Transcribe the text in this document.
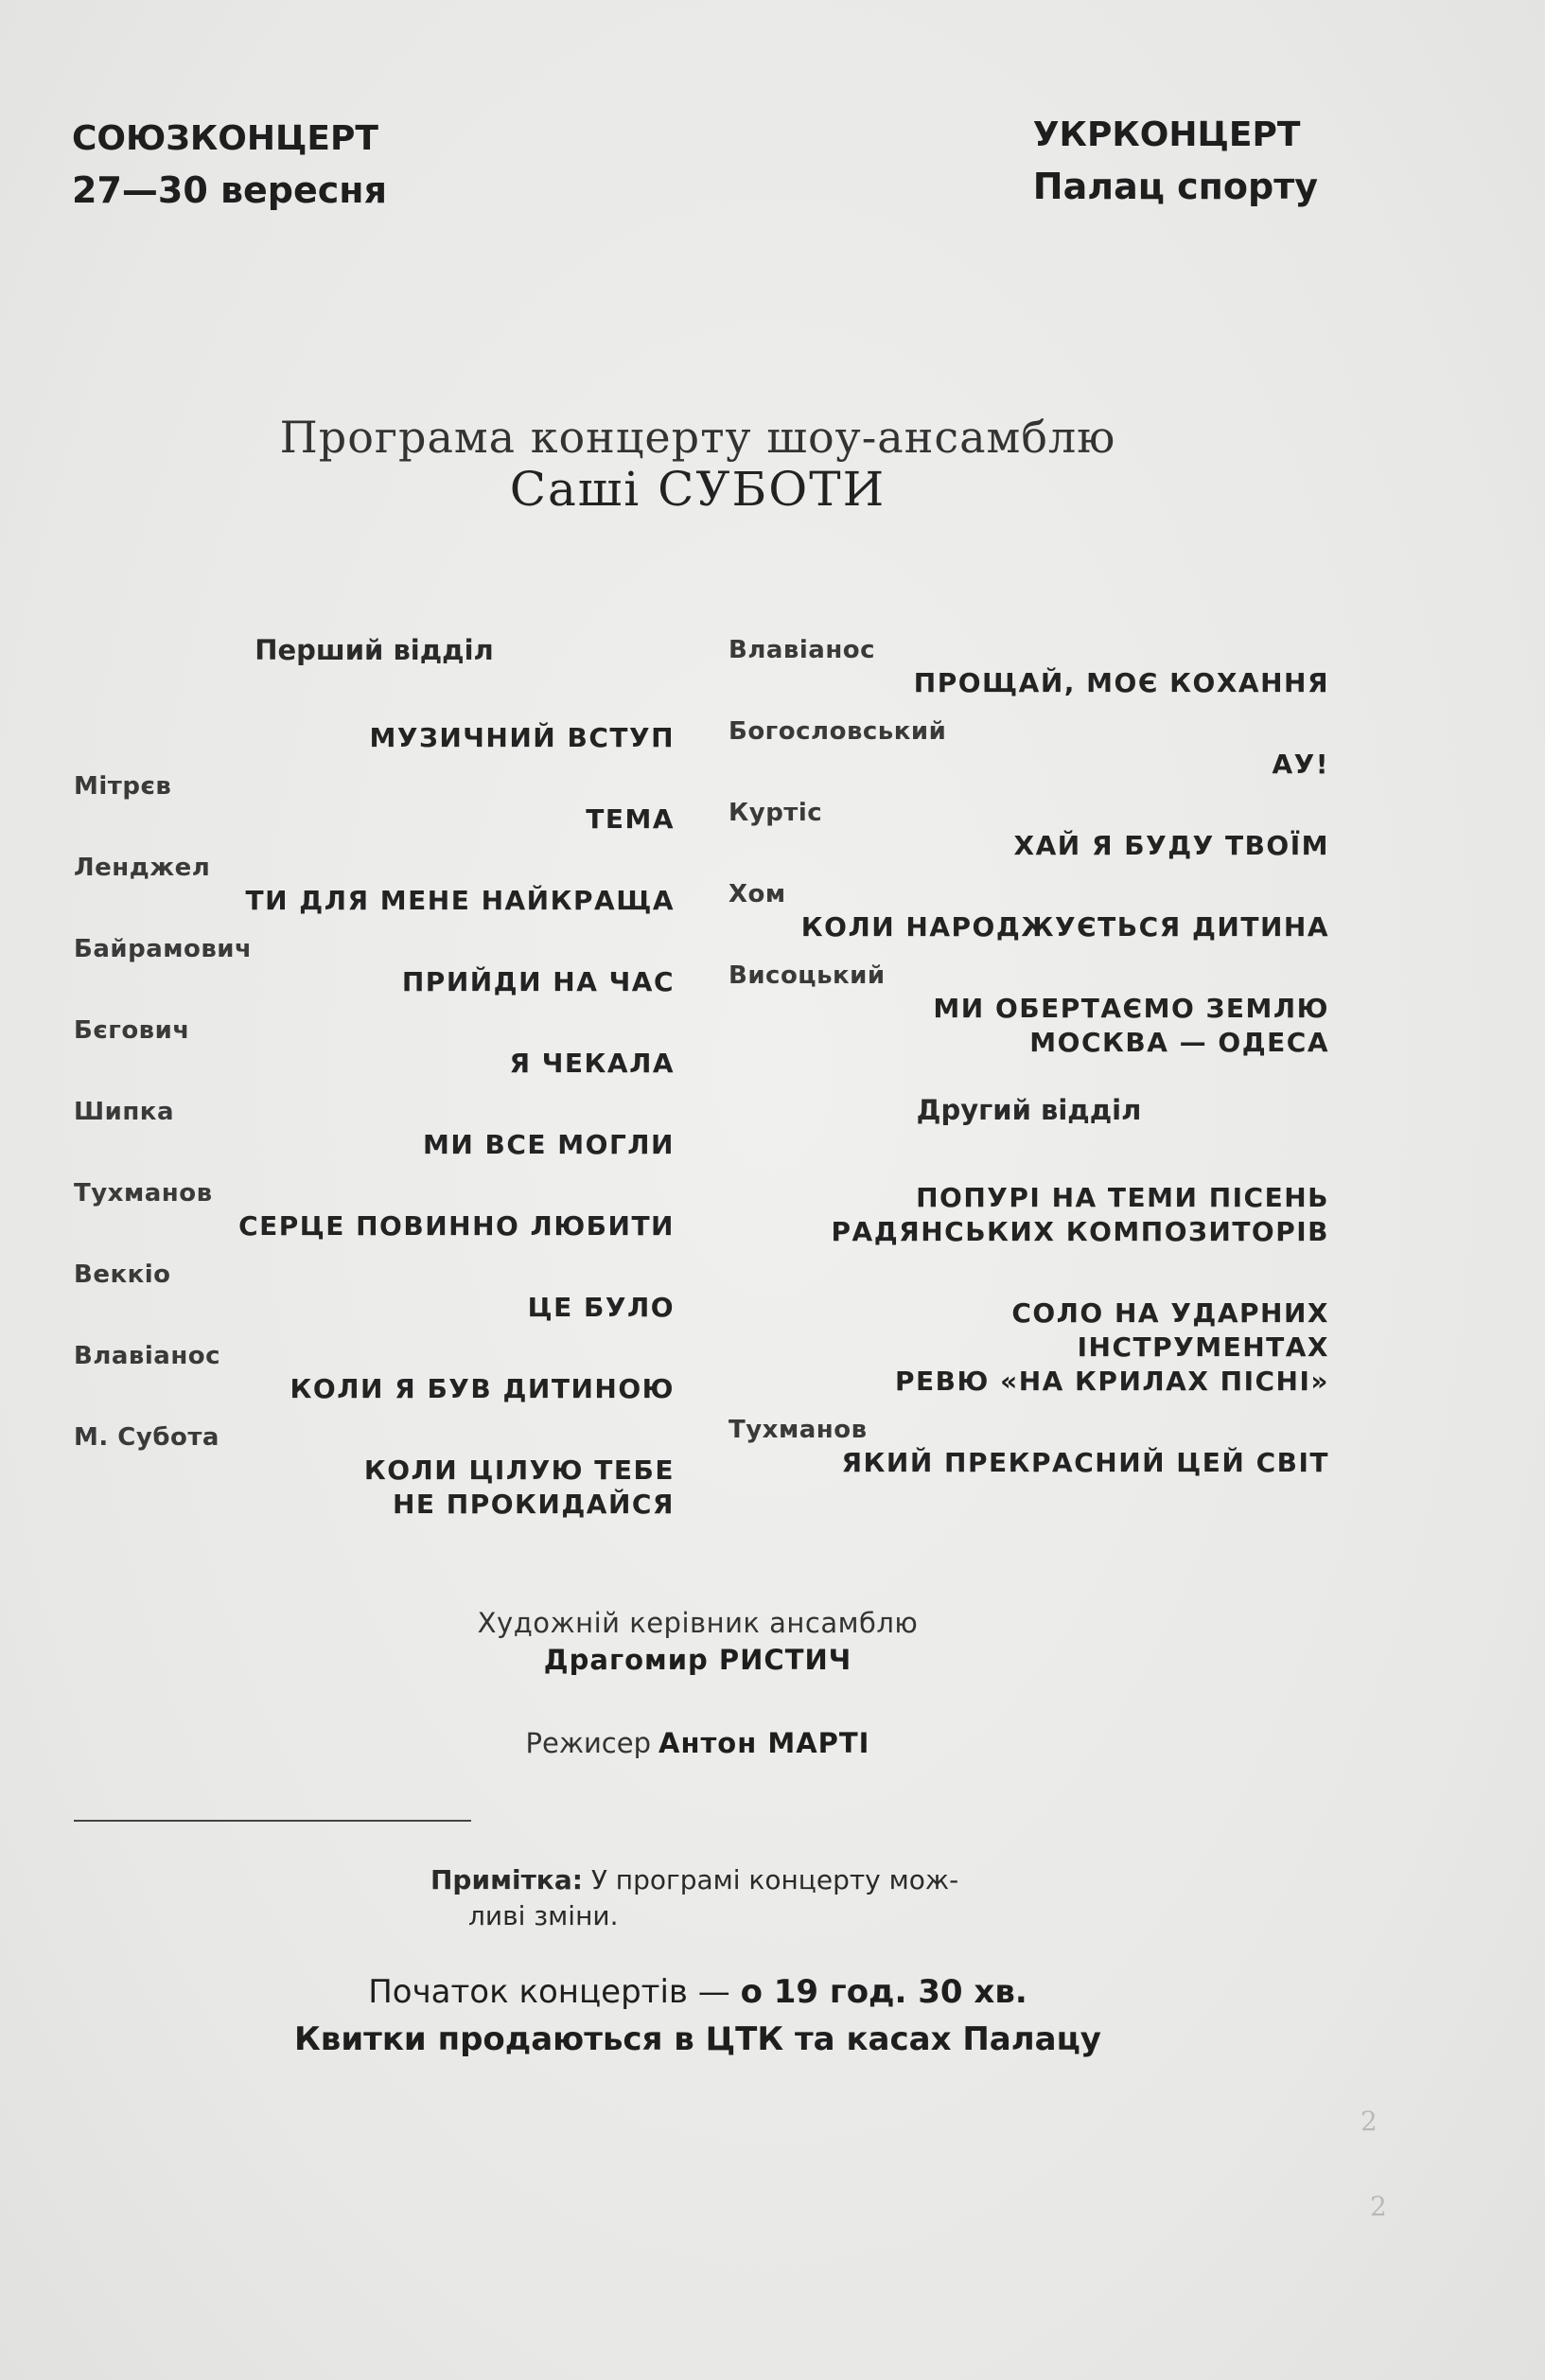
СОЮЗКОНЦЕРТ
27—30 вересня
УКРКОНЦЕРТ
Палац спорту
Програма концерту шоу-ансамблю
Саші СУБОТИ
Перший відділ
МУЗИЧНИЙ ВСТУП
Мітрєв
ТЕМА
Ленджел
ТИ ДЛЯ МЕНЕ НАЙКРАЩА
Байрамович
ПРИЙДИ НА ЧАС
Бєгович
Я ЧЕКАЛА
Шипка
МИ ВСЕ МОГЛИ
Тухманов
СЕРЦЕ ПОВИННО ЛЮБИТИ
Веккіо
ЦЕ БУЛО
Влавіанос
КОЛИ Я БУВ ДИТИНОЮ
М. Субота
КОЛИ ЦІЛУЮ ТЕБЕ
НЕ ПРОКИДАЙСЯ
Влавіанос
ПРОЩАЙ, МОЄ КОХАННЯ
Богословський
АУ!
Куртіс
ХАЙ Я БУДУ ТВОЇМ
Хом
КОЛИ НАРОДЖУЄТЬСЯ ДИТИНА
Висоцький
МИ ОБЕРТАЄМО ЗЕМЛЮ
МОСКВА — ОДЕСА
Другий відділ
ПОПУРІ НА ТЕМИ ПІСЕНЬ
РАДЯНСЬКИХ КОМПОЗИТОРІВ
СОЛО НА УДАРНИХ
ІНСТРУМЕНТАХ
РЕВЮ «НА КРИЛАХ ПІСНІ»
Тухманов
ЯКИЙ ПРЕКРАСНИЙ ЦЕЙ СВІТ
Художній керівник ансамблю
Драгомир РИСТИЧ
Режисер Антон МАРТІ
Примітка: У програмі концерту мож-
ливі зміни.
Початок концертів — о 19 год. 30 хв.
Квитки продаються в ЦТК та касах Палацу
2
2
